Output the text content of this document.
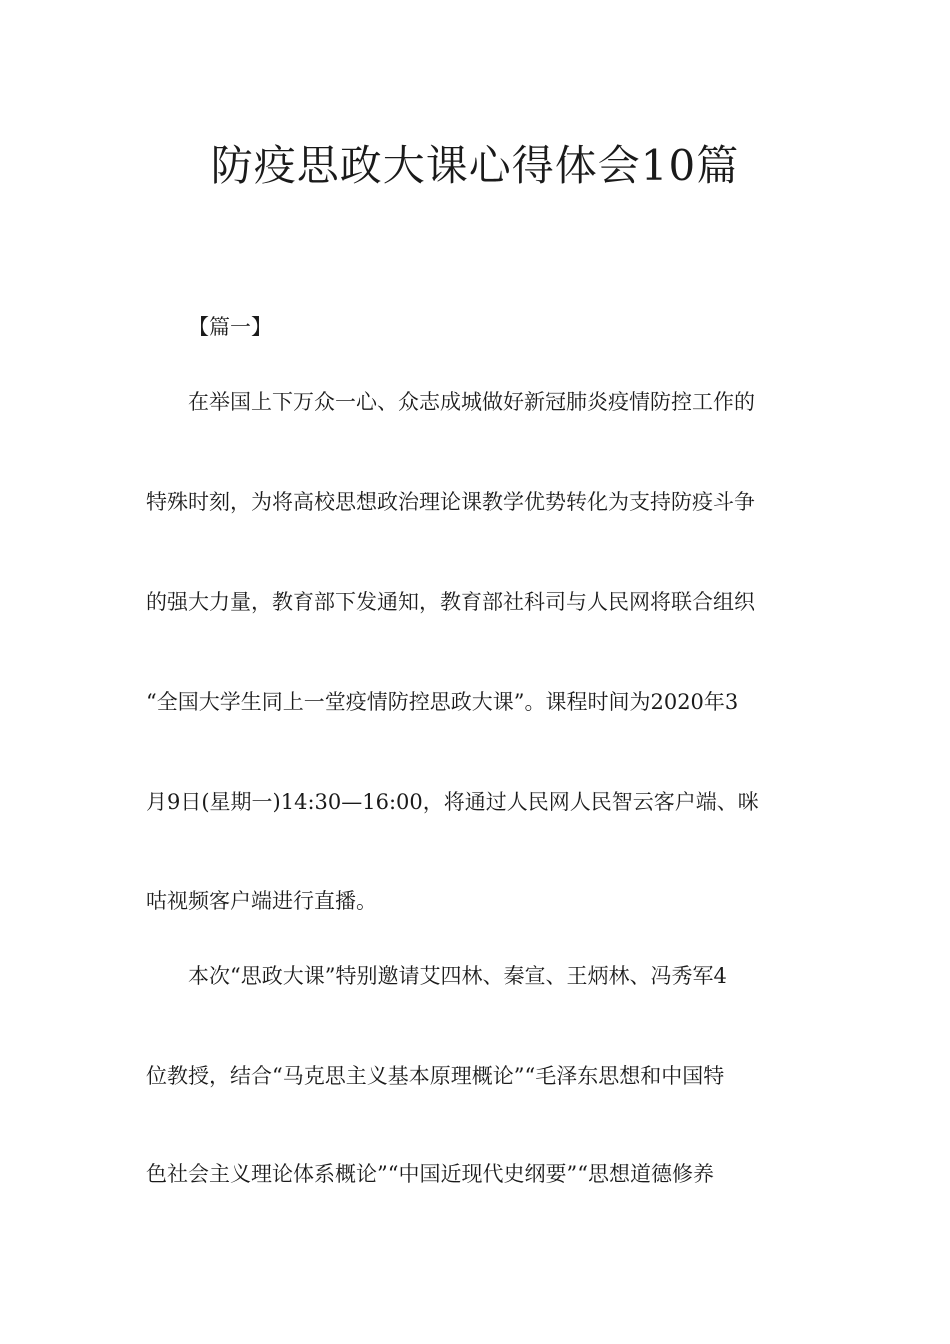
防疫思政大课心得体会10篇

【篇一】

在举国上下万众一心、众志成城做好新冠肺炎疫情防控工作的

特殊时刻，为将高校思想政治理论课教学优势转化为支持防疫斗争

的强大力量，教育部下发通知，教育部社科司与人民网将联合组织

“全国大学生同上一堂疫情防控思政大课”。课程时间为2020年3

月9日(星期一)14:30—16:00，将通过人民网人民智云客户端、咪

咕视频客户端进行直播。

本次“思政大课”特别邀请艾四林、秦宣、王炳林、冯秀军4

位教授，结合“马克思主义基本原理概论”“毛泽东思想和中国特

色社会主义理论体系概论”“中国近现代史纲要”“思想道德修养
